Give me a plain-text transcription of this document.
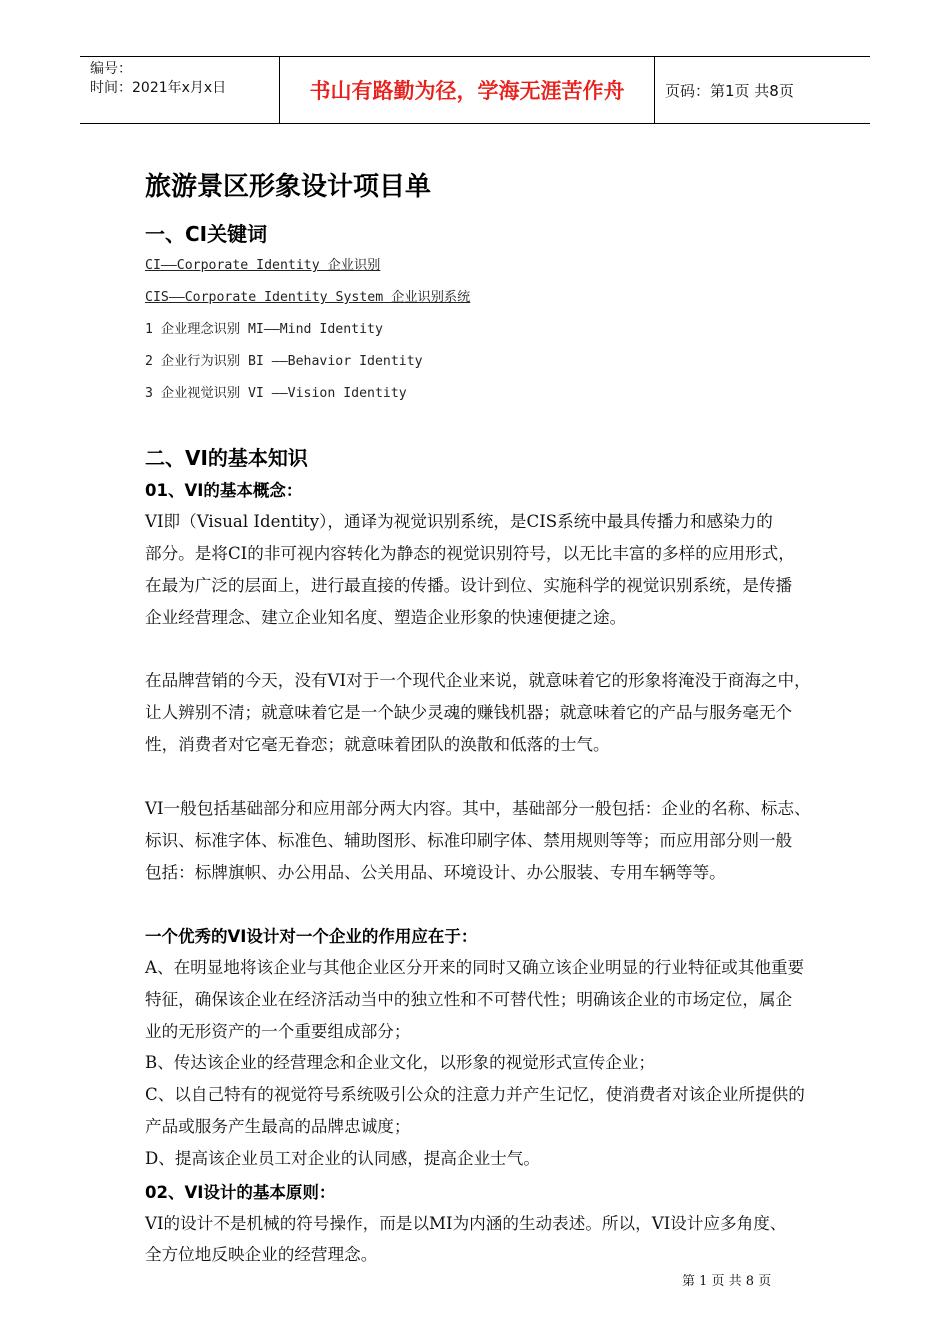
编号：
时间：2021年x月x日	书山有路勤为径，学海无涯苦作舟	页码：第1页 共8页
旅游景区形象设计项目单
一、CI关键词
CI——Corporate Identity 企业识别
CIS——Corporate Identity System 企业识别系统
1 企业理念识别 MI——Mind Identity
2 企业行为识别 BI ——Behavior Identity
3 企业视觉识别 VI ——Vision Identity
二、VI的基本知识
01、VI的基本概念：
VI即（Visual Identity），通译为视觉识别系统，是CIS系统中最具传播力和感染力的
部分。是将CI的非可视内容转化为静态的视觉识别符号，以无比丰富的多样的应用形式，
在最为广泛的层面上，进行最直接的传播。设计到位、实施科学的视觉识别系统，是传播
企业经营理念、建立企业知名度、塑造企业形象的快速便捷之途。
在品牌营销的今天，没有VI对于一个现代企业来说，就意味着它的形象将淹没于商海之中，
让人辨别不清；就意味着它是一个缺少灵魂的赚钱机器；就意味着它的产品与服务毫无个
性，消费者对它毫无眷恋；就意味着团队的涣散和低落的士气。
VI一般包括基础部分和应用部分两大内容。其中，基础部分一般包括：企业的名称、标志、
标识、标准字体、标准色、辅助图形、标准印刷字体、禁用规则等等；而应用部分则一般
包括：标牌旗帜、办公用品、公关用品、环境设计、办公服装、专用车辆等等。
一个优秀的VI设计对一个企业的作用应在于：
A、在明显地将该企业与其他企业区分开来的同时又确立该企业明显的行业特征或其他重要
特征，确保该企业在经济活动当中的独立性和不可替代性；明确该企业的市场定位，属企
业的无形资产的一个重要组成部分；
B、传达该企业的经营理念和企业文化，以形象的视觉形式宣传企业；
C、以自己特有的视觉符号系统吸引公众的注意力并产生记忆，使消费者对该企业所提供的
产品或服务产生最高的品牌忠诚度；
D、提高该企业员工对企业的认同感，提高企业士气。
02、VI设计的基本原则：
VI的设计不是机械的符号操作，而是以MI为内涵的生动表述。所以，VI设计应多角度、
全方位地反映企业的经营理念。
第 1 页 共 8 页
